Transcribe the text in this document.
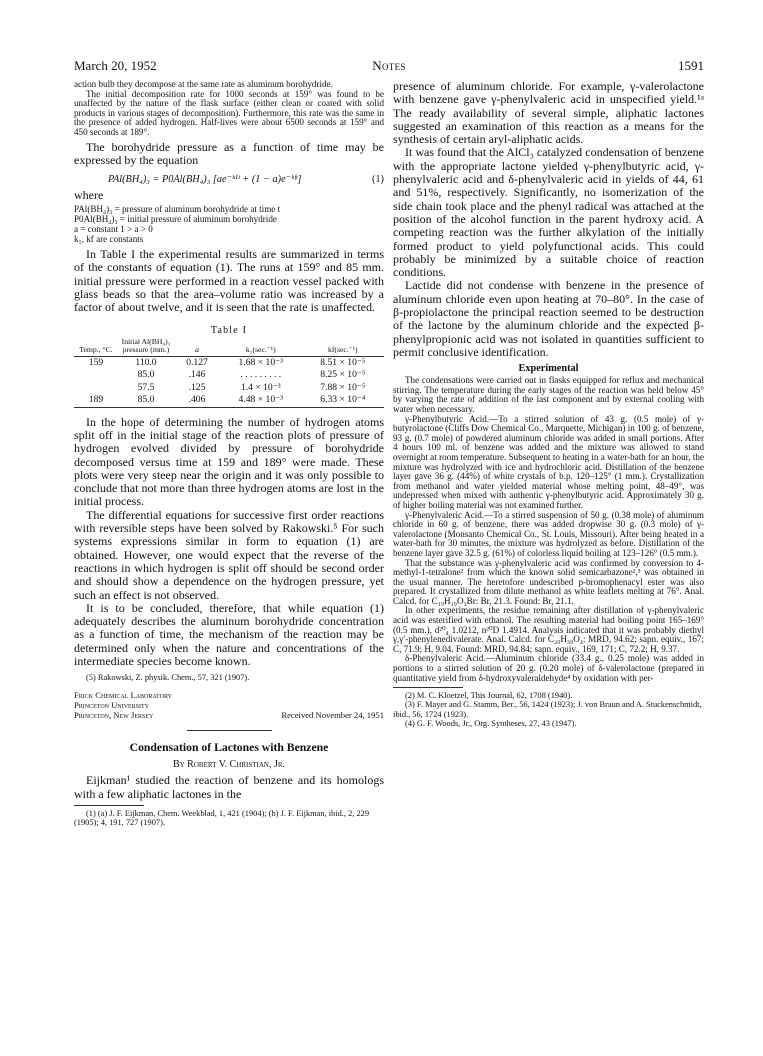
March 20, 1952	Notes	1591

action bulb they decompose at the same rate as aluminum borohydride.

The initial decomposition rate for 1000 seconds at 159° was found to be unaffected by the nature of the flask surface (either clean or coated with solid products in various stages of decomposition). Furthermore, this rate was the same in the presence of added hydrogen. Half-lives were about 6500 seconds at 159° and 450 seconds at 189°.

The borohydride pressure as a function of time may be expressed by the equation

PAl(BH₄)₃ = P0Al(BH₄)₃ [ae⁻ᵏ¹ᵗ + (1 − a)e⁻ᵏᶠᵗ]	(1)

where

PAl(BH₄)₃ = pressure of aluminum borohydride at time t

P0Al(BH₄)₃ = initial pressure of aluminum borohydride

a = constant 1 > a > 0

k₁, kf are constants

In Table I the experimental results are summarized in terms of the constants of equation (1). The runs at 159° and 85 mm. initial pressure were performed in a reaction vessel packed with glass beads so that the area–volume ratio was increased by a factor of about twelve, and it is seen that the rate is unaffected.

Table I
Temp., °C.	Initial Al(BH₄)₃ pressure (mm.)	a	k₁(sec.⁻¹)	kf(sec.⁻¹)
159	110.0	0.127	1.68 × 10⁻³	8.51 × 10⁻⁵
	85.0	.146	. . . . . . . . .	8.25 × 10⁻⁵
	57.5	.125	1.4 × 10⁻³	7.88 × 10⁻⁵
189	85.0	.406	4.48 × 10⁻³	6.33 × 10⁻⁴

In the hope of determining the number of hydrogen atoms split off in the initial stage of the reaction plots of pressure of hydrogen evolved divided by pressure of borohydride decomposed versus time at 159 and 189° were made. These plots were very steep near the origin and it was only possible to conclude that not more than three hydrogen atoms are lost in the initial process.

The differential equations for successive first order reactions with reversible steps have been solved by Rakowski.⁵ For such systems expressions similar in form to equation (1) are obtained. However, one would expect that the reverse of the reactions in which hydrogen is split off should be second order and should show a dependence on the hydrogen pressure, yet such an effect is not observed.

It is to be concluded, therefore, that while equation (1) adequately describes the aluminum borohydride concentration as a function of time, the mechanism of the reaction may be determined only when the nature and concentrations of the intermediate species become known.

(5) Rakowski, Z. physik. Chem., 57, 321 (1907).

Frick Chemical Laboratory
Princeton University
Princeton, New Jersey	Received November 24, 1951
Condensation of Lactones with Benzene
By Robert V. Christian, Jr.

Eijkman¹ studied the reaction of benzene and its homologs with a few aliphatic lactones in the

(1) (a) J. F. Eijkman, Chem. Weekblad, 1, 421 (1904); (b) J. F. Eijkman, ibid., 2, 229 (1905); 4, 191, 727 (1907).

presence of aluminum chloride. For example, γ-valerolactone with benzene gave γ-phenylvaleric acid in unspecified yield.¹ᵃ The ready availability of several simple, aliphatic lactones suggested an examination of this reaction as a means for the synthesis of certain aryl-aliphatic acids.

It was found that the AlCl₃ catalyzed condensation of benzene with the appropriate lactone yielded γ-phenylbutyric acid, γ-phenylvaleric acid and δ-phenylvaleric acid in yields of 44, 61 and 51%, respectively. Significantly, no isomerization of the side chain took place and the phenyl radical was attached at the position of the alcohol function in the parent hydroxy acid. A competing reaction was the further alkylation of the initially formed product to yield polyfunctional acids. This could probably be minimized by a suitable choice of reaction conditions.

Lactide did not condense with benzene in the presence of aluminum chloride even upon heating at 70–80°. In the case of β-propiolactone the principal reaction seemed to be destruction of the lactone by the aluminum chloride and the expected β-phenylpropionic acid was not isolated in quantities sufficient to permit conclusive identification.

Experimental

The condensations were carried out in flasks equipped for reflux and mechanical stirring. The temperature during the early stages of the reaction was held below 45° by varying the rate of addition of the last component and by external cooling with water when necessary.

γ-Phenylbutyric Acid.—To a stirred solution of 43 g. (0.5 mole) of γ-butyrolactone (Cliffs Dow Chemical Co., Marquette, Michigan) in 100 g. of benzene, 93 g. (0.7 mole) of powdered aluminum chloride was added in small portions. After 4 hours 100 ml. of benzene was added and the mixture was allowed to stand overnight at room temperature. Subsequent to heating in a water-bath for an hour, the mixture was hydrolyzed with ice and hydrochloric acid. Distillation of the benzene layer gave 36 g. (44%) of white crystals of b.p. 120–125° (1 mm.). Crystallization from methanol and water yielded material whose melting point, 48–49°, was undepressed when mixed with authentic γ-phenylbutyric acid. Approximately 30 g. of higher boiling material was not examined further.

γ-Phenylvaleric Acid.—To a stirred suspension of 50 g. (0.38 mole) of aluminum chloride in 60 g. of benzene, there was added dropwise 30 g. (0.3 mole) of γ-valerolactone (Monsanto Chemical Co., St. Louis, Missouri). After being heated in a water-bath for 30 minutes, the mixture was hydrolyzed as before. Distillation of the benzene layer gave 32.5 g. (61%) of colorless liquid boiling at 123–126° (0.5 mm.).

That the substance was γ-phenylvaleric acid was confirmed by conversion to 4-methyl-1-tetralone² from which the known solid semicarbazone²,³ was obtained in the usual manner. The heretofore undescribed p-bromophenacyl ester was also prepared. It crystallized from dilute methanol as white leaflets melting at 76°. Anal. Calcd. for C₁₉H₁₉O₃Br: Br, 21.3. Found: Br, 21.1.

In other experiments, the residue remaining after distillation of γ-phenylvaleric acid was esterified with ethanol. The resulting material had boiling point 165–169° (0.5 mm.), d²⁰₄ 1.0212, n²⁰D 1.4914. Analysis indicated that it was probably diethyl γ,γ′-phenylenedivalerate. Anal. Calcd. for C₂₀H₃₀O₄: MRD, 94.62; sapn. equiv., 167; C, 71.9; H, 9.04. Found: MRD, 94.84; sapn. equiv., 169, 171; C, 72.2; H, 9.37.

δ-Phenylvaleric Acid.—Aluminum chloride (33.4 g., 0.25 mole) was added in portions to a stirred solution of 20 g. (0.20 mole) of δ-valerolactone (prepared in quantitative yield from δ-hydroxyvaleraldehyde⁴ by oxidation with per-

(2) M. C. Kloetzel, This Journal, 62, 1708 (1940).

(3) F. Mayer and G. Stamm, Ber., 56, 1424 (1923); J. von Braun and A. Stuckenschmidt, ibid., 56, 1724 (1923).

(4) G. F. Woods, Jr., Org. Syntheses, 27, 43 (1947).
